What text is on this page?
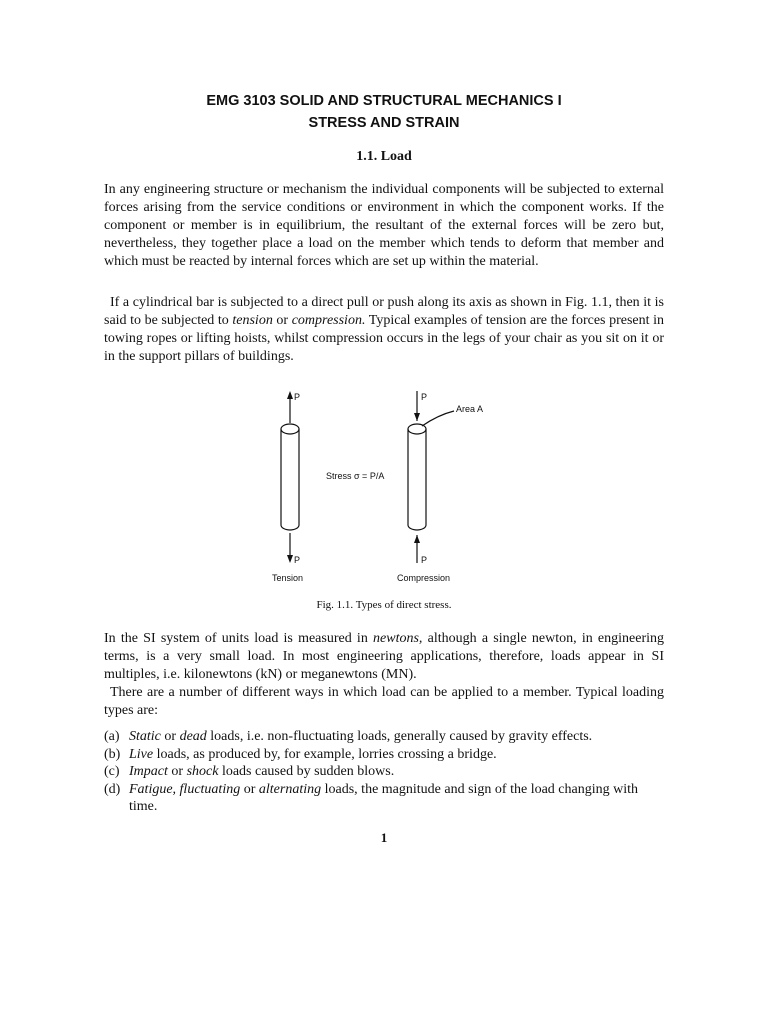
EMG 3103 SOLID AND STRUCTURAL MECHANICS I
STRESS AND STRAIN
1.1. Load
In any engineering structure or mechanism the individual components will be subjected to external forces arising from the service conditions or environment in which the component works. If the component or member is in equilibrium, the resultant of the external forces will be zero but, nevertheless, they together place a load on the member which tends to deform that member and which must be reacted by internal forces which are set up within the material.
If a cylindrical bar is subjected to a direct pull or push along its axis as shown in Fig. 1.1, then it is said to be subjected to tension or compression. Typical examples of tension are the forces present in towing ropes or lifting hoists, whilst compression occurs in the legs of your chair as you sit on it or in the support pillars of buildings.
P
P
P
P
Area A
Stress σ = P/A
Tension	Compression
Fig. 1.1. Types of direct stress.
In the SI system of units load is measured in newtons, although a single newton, in engineering terms, is a very small load. In most engineering applications, therefore, loads appear in SI multiples, i.e. kilonewtons (kN) or meganewtons (MN).
There are a number of different ways in which load can be applied to a member. Typical loading types are:
(a) Static or dead loads, i.e. non-fluctuating loads, generally caused by gravity effects.
(b) Live loads, as produced by, for example, lorries crossing a bridge.
(c) Impact or shock loads caused by sudden blows.
(d) Fatigue, fluctuating or alternating loads, the magnitude and sign of the load changing with time.
1
